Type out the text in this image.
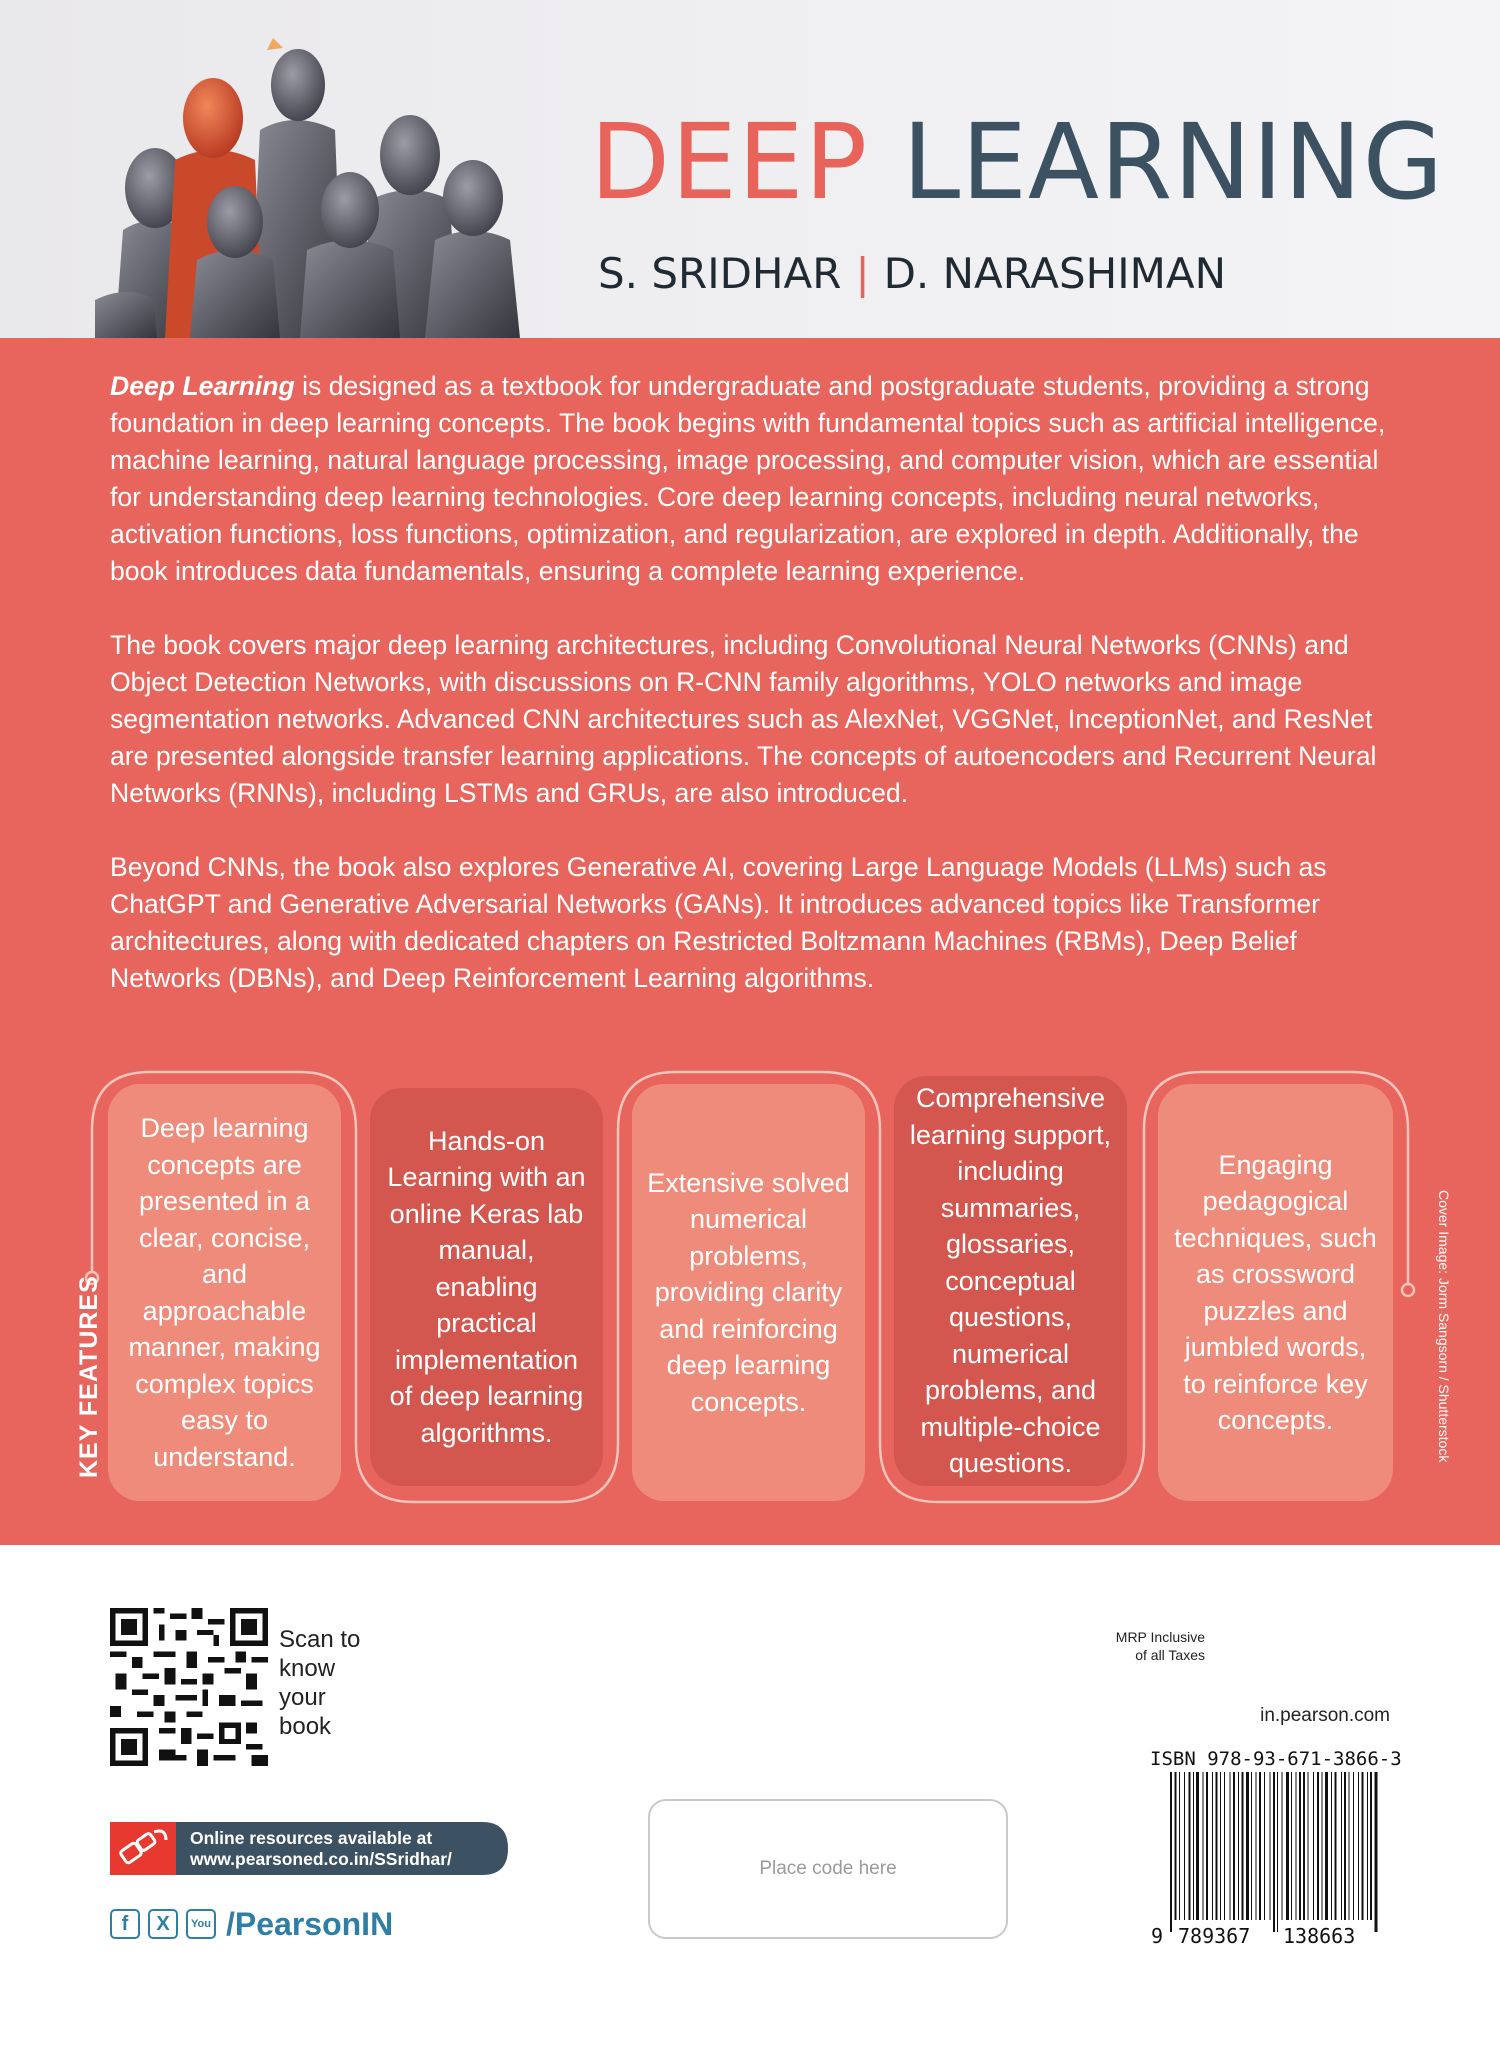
DEEP LEARNING
S. SRIDHAR | D. NARASHIMAN

Deep Learning is designed as a textbook for undergraduate and postgraduate students, providing a strong foundation in deep learning concepts. The book begins with fundamental topics such as artificial intelligence, machine learning, natural language processing, image processing, and computer vision, which are essential for understanding deep learning technologies. Core deep learning concepts, including neural networks, activation functions, loss functions, optimization, and regularization, are explored in depth. Additionally, the book introduces data fundamentals, ensuring a complete learning experience.

The book covers major deep learning architectures, including Convolutional Neural Networks (CNNs) and Object Detection Networks, with discussions on R-CNN family algorithms, YOLO networks and image segmentation networks. Advanced CNN architectures such as AlexNet, VGGNet, InceptionNet, and ResNet are presented alongside transfer learning applications. The concepts of autoencoders and Recurrent Neural Networks (RNNs), including LSTMs and GRUs, are also introduced.

Beyond CNNs, the book also explores Generative AI, covering Large Language Models (LLMs) such as ChatGPT and Generative Adversarial Networks (GANs). It introduces advanced topics like Transformer architectures, along with dedicated chapters on Restricted Boltzmann Machines (RBMs), Deep Belief Networks (DBNs), and Deep Reinforcement Learning algorithms.

KEY FEATURES
Deep learning concepts are presented in a clear, concise, and approachable manner, making complex topics easy to understand.
Hands-on Learning with an online Keras lab manual, enabling practical implementation of deep learning algorithms.
Extensive solved numerical problems, providing clarity and reinforcing deep learning concepts.
Comprehensive learning support, including summaries, glossaries, conceptual questions, numerical problems, and multiple-choice questions.
Engaging pedagogical techniques, such as crossword puzzles and jumbled words, to reinforce key concepts.	Cover Image: Jorm Sangsorn / Shutterstock
Scan to know your book
MRP Inclusive
of all Taxes
in.pearson.com
Online resources available at
www.pearsoned.co.in/SSridhar/	Place code here
f	X	You /PearsonIN
ISBN 978-93-671-3866-3
9 789367 138663
